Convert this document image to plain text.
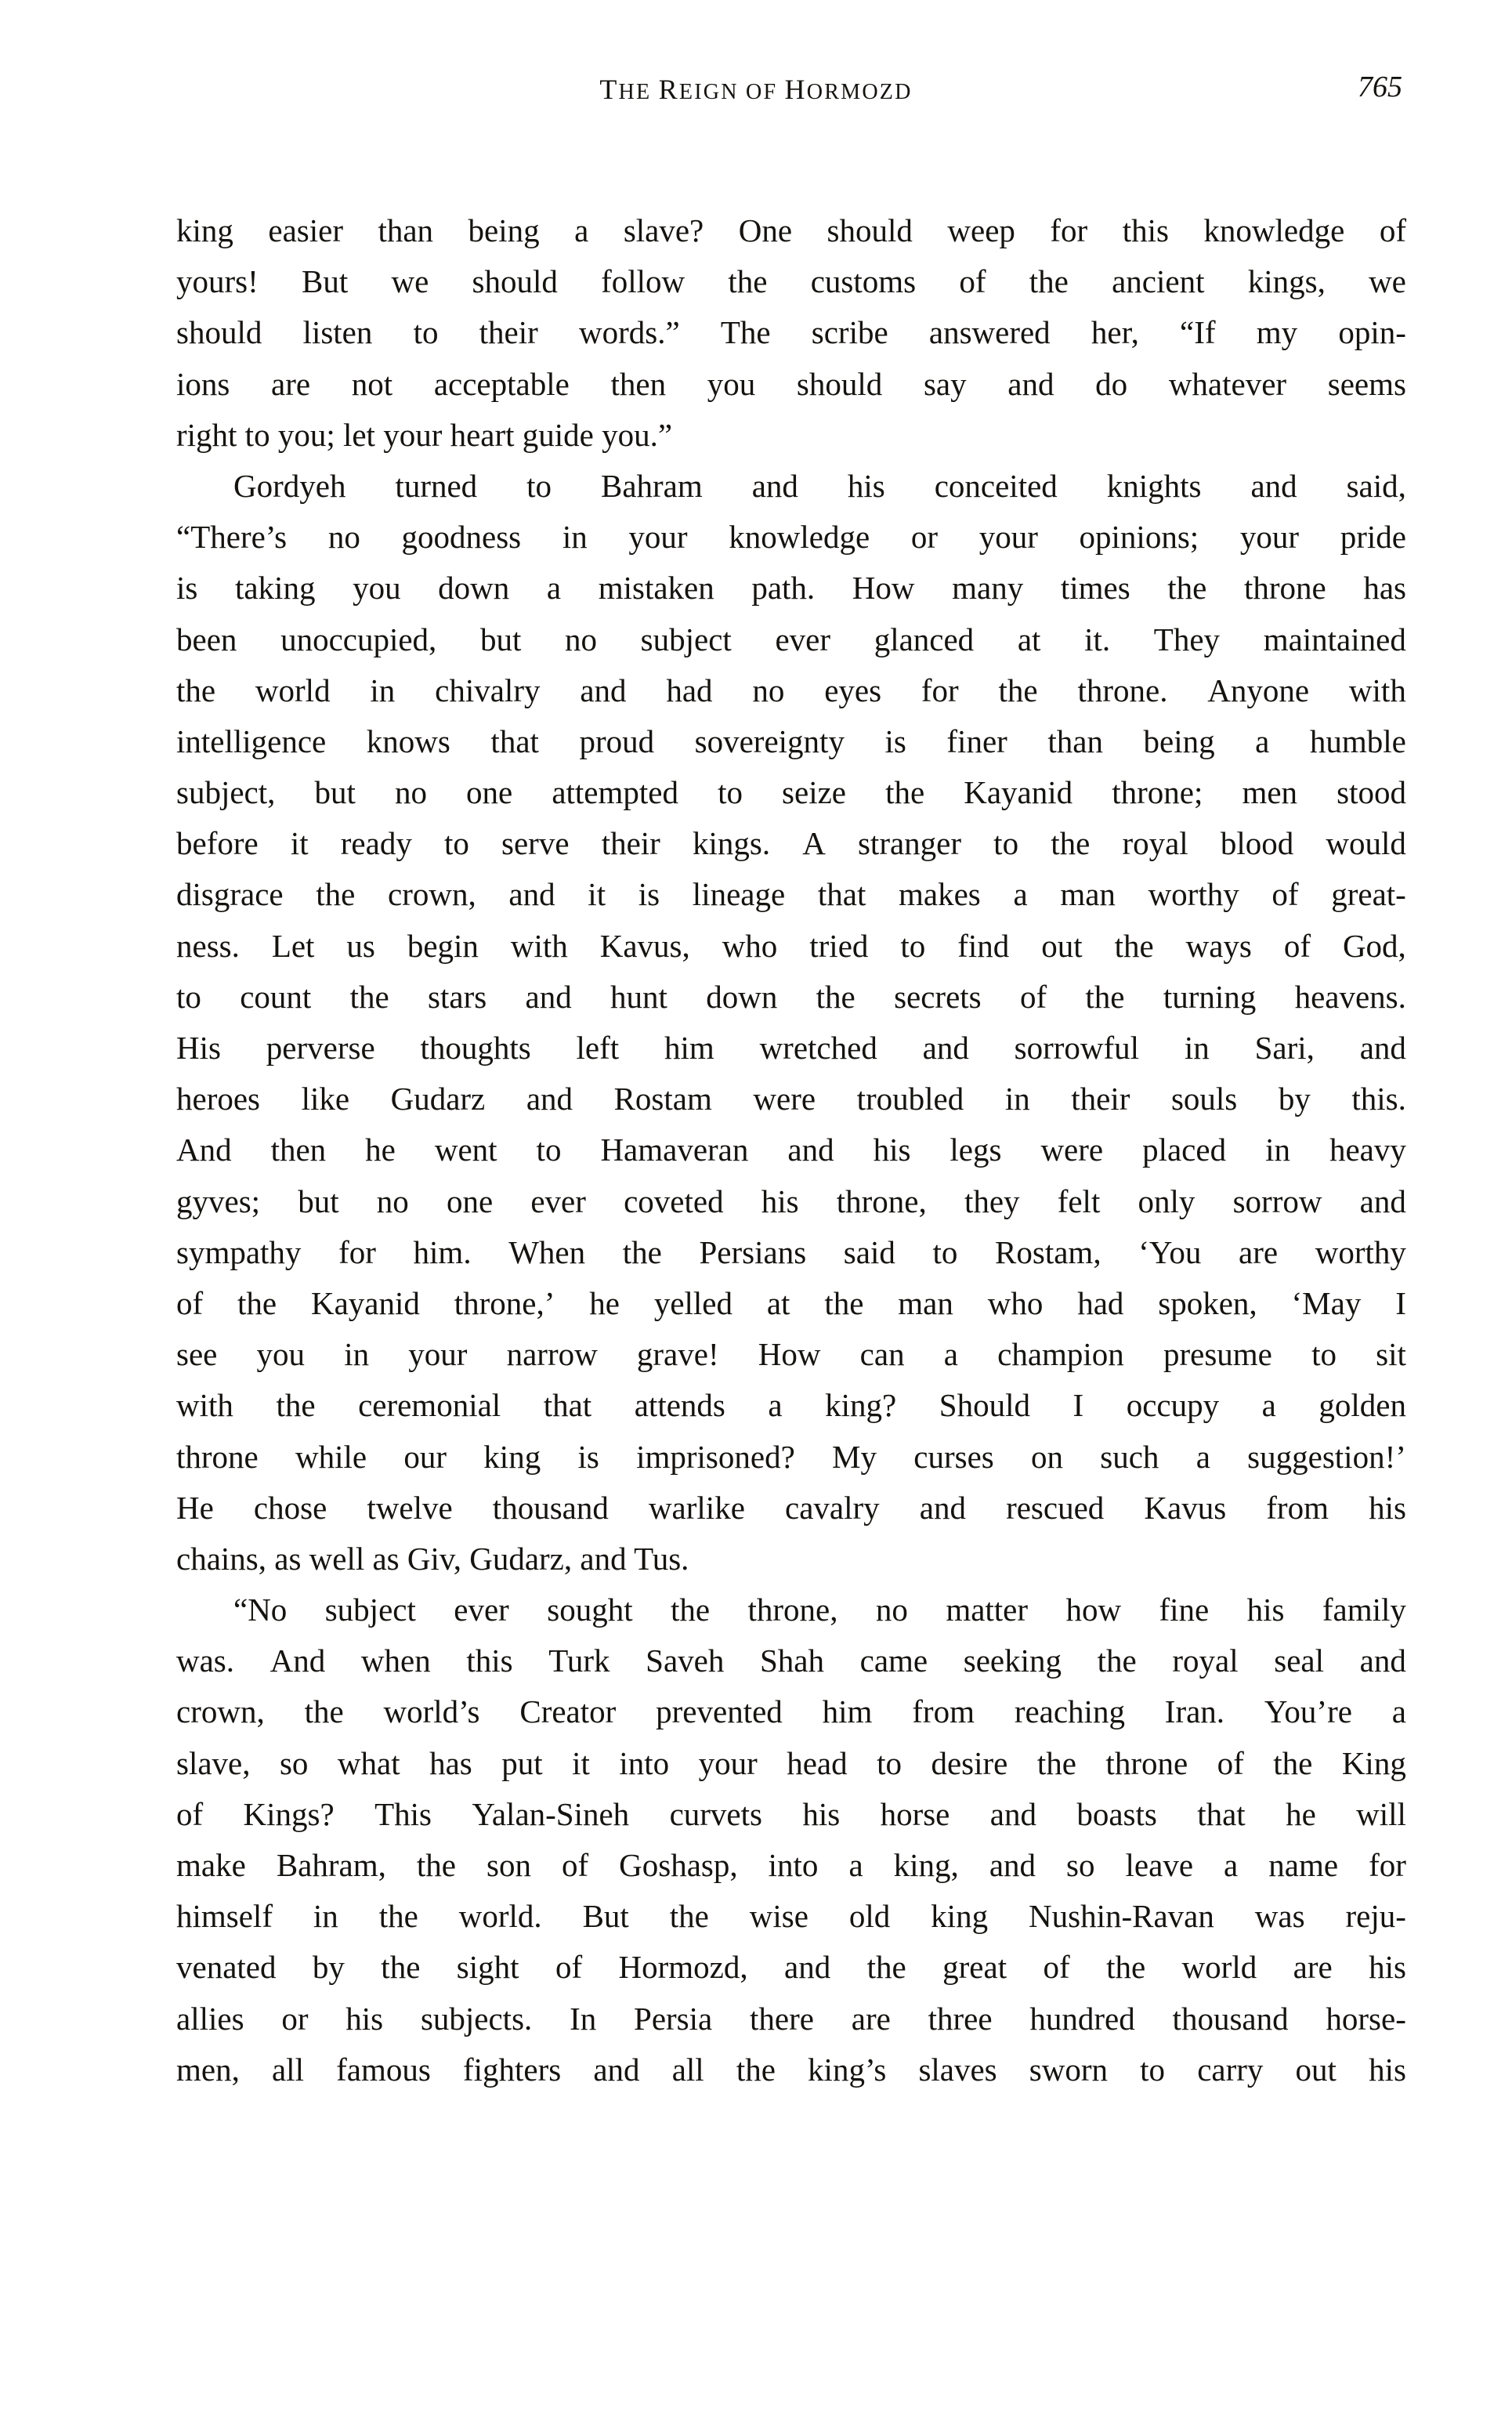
THE REIGN OF HORMOZD	765
king easier than being a slave? One should weep for this knowledge of
yours! But we should follow the customs of the ancient kings, we
should listen to their words.” The scribe answered her, “If my opin-
ions are not acceptable then you should say and do whatever seems
right to you; let your heart guide you.”
Gordyeh turned to Bahram and his conceited knights and said,
“There’s no goodness in your knowledge or your opinions; your pride
is taking you down a mistaken path. How many times the throne has
been unoccupied, but no subject ever glanced at it. They maintained
the world in chivalry and had no eyes for the throne. Anyone with
intelligence knows that proud sovereignty is finer than being a humble
subject, but no one attempted to seize the Kayanid throne; men stood
before it ready to serve their kings. A stranger to the royal blood would
disgrace the crown, and it is lineage that makes a man worthy of great-
ness. Let us begin with Kavus, who tried to find out the ways of God,
to count the stars and hunt down the secrets of the turning heavens.
His perverse thoughts left him wretched and sorrowful in Sari, and
heroes like Gudarz and Rostam were troubled in their souls by this.
And then he went to Hamaveran and his legs were placed in heavy
gyves; but no one ever coveted his throne, they felt only sorrow and
sympathy for him. When the Persians said to Rostam, ‘You are worthy
of the Kayanid throne,’ he yelled at the man who had spoken, ‘May I
see you in your narrow grave! How can a champion presume to sit
with the ceremonial that attends a king? Should I occupy a golden
throne while our king is imprisoned? My curses on such a suggestion!’
He chose twelve thousand warlike cavalry and rescued Kavus from his
chains, as well as Giv, Gudarz, and Tus.
“No subject ever sought the throne, no matter how fine his family
was. And when this Turk Saveh Shah came seeking the royal seal and
crown, the world’s Creator prevented him from reaching Iran. You’re a
slave, so what has put it into your head to desire the throne of the King
of Kings? This Yalan-Sineh curvets his horse and boasts that he will
make Bahram, the son of Goshasp, into a king, and so leave a name for
himself in the world. But the wise old king Nushin-Ravan was reju-
venated by the sight of Hormozd, and the great of the world are his
allies or his subjects. In Persia there are three hundred thousand horse-
men, all famous fighters and all the king’s slaves sworn to carry out his
